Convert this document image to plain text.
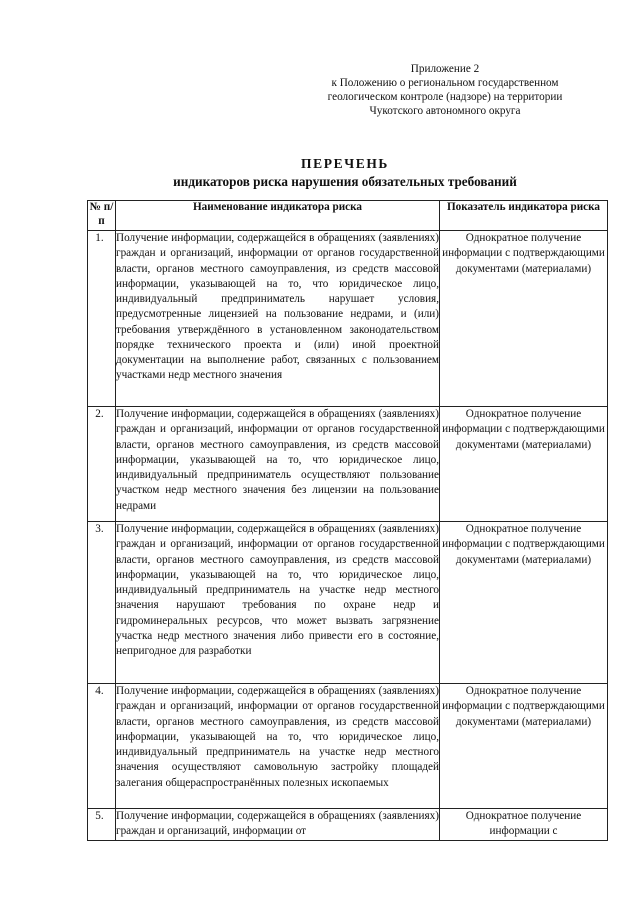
Приложение 2
к Положению о региональном государственном
геологическом контроле (надзоре) на территории
Чукотского автономного округа
ПЕРЕЧЕНЬ
индикаторов риска нарушения обязательных требований
№ п/п	Наименование индикатора риска	Показатель индикатора риска
1.	Получение информации, содержащейся в обращениях (заявлениях) граждан и организаций, информации от органов государственной власти, органов местного самоуправления, из средств массовой информации, указывающей на то, что юридическое лицо, индивидуальный предприниматель нарушает условия, предусмотренные лицензией на пользование недрами, и (или) требования утверждённого в установленном законодательством порядке технического проекта и (или) иной проектной документации на выполнение работ, связанных с пользованием участками недр местного значения	Однократное получение информации с подтверждающими документами (материалами)
2.	Получение информации, содержащейся в обращениях (заявлениях) граждан и организаций, информации от органов государственной власти, органов местного самоуправления, из средств массовой информации, указывающей на то, что юридическое лицо, индивидуальный предприниматель осуществляют пользование участком недр местного значения без лицензии на пользование недрами	Однократное получение информации с подтверждающими документами (материалами)
3.	Получение информации, содержащейся в обращениях (заявлениях) граждан и организаций, информации от органов государственной власти, органов местного самоуправления, из средств массовой информации, указывающей на то, что юридическое лицо, индивидуальный предприниматель на участке недр местного значения нарушают требования по охране недр и гидроминеральных ресурсов, что может вызвать загрязнение участка недр местного значения либо привести его в состояние, непригодное для разработки	Однократное получение информации с подтверждающими документами (материалами)
4.	Получение информации, содержащейся в обращениях (заявлениях) граждан и организаций, информации от органов государственной власти, органов местного самоуправления, из средств массовой информации, указывающей на то, что юридическое лицо, индивидуальный предприниматель на участке недр местного значения осуществляют самовольную застройку площадей залегания общераспространённых полезных ископаемых	Однократное получение информации с подтверждающими документами (материалами)
5.	Получение информации, содержащейся в обращениях (заявлениях) граждан и организаций, информации от	Однократное получение информации с
